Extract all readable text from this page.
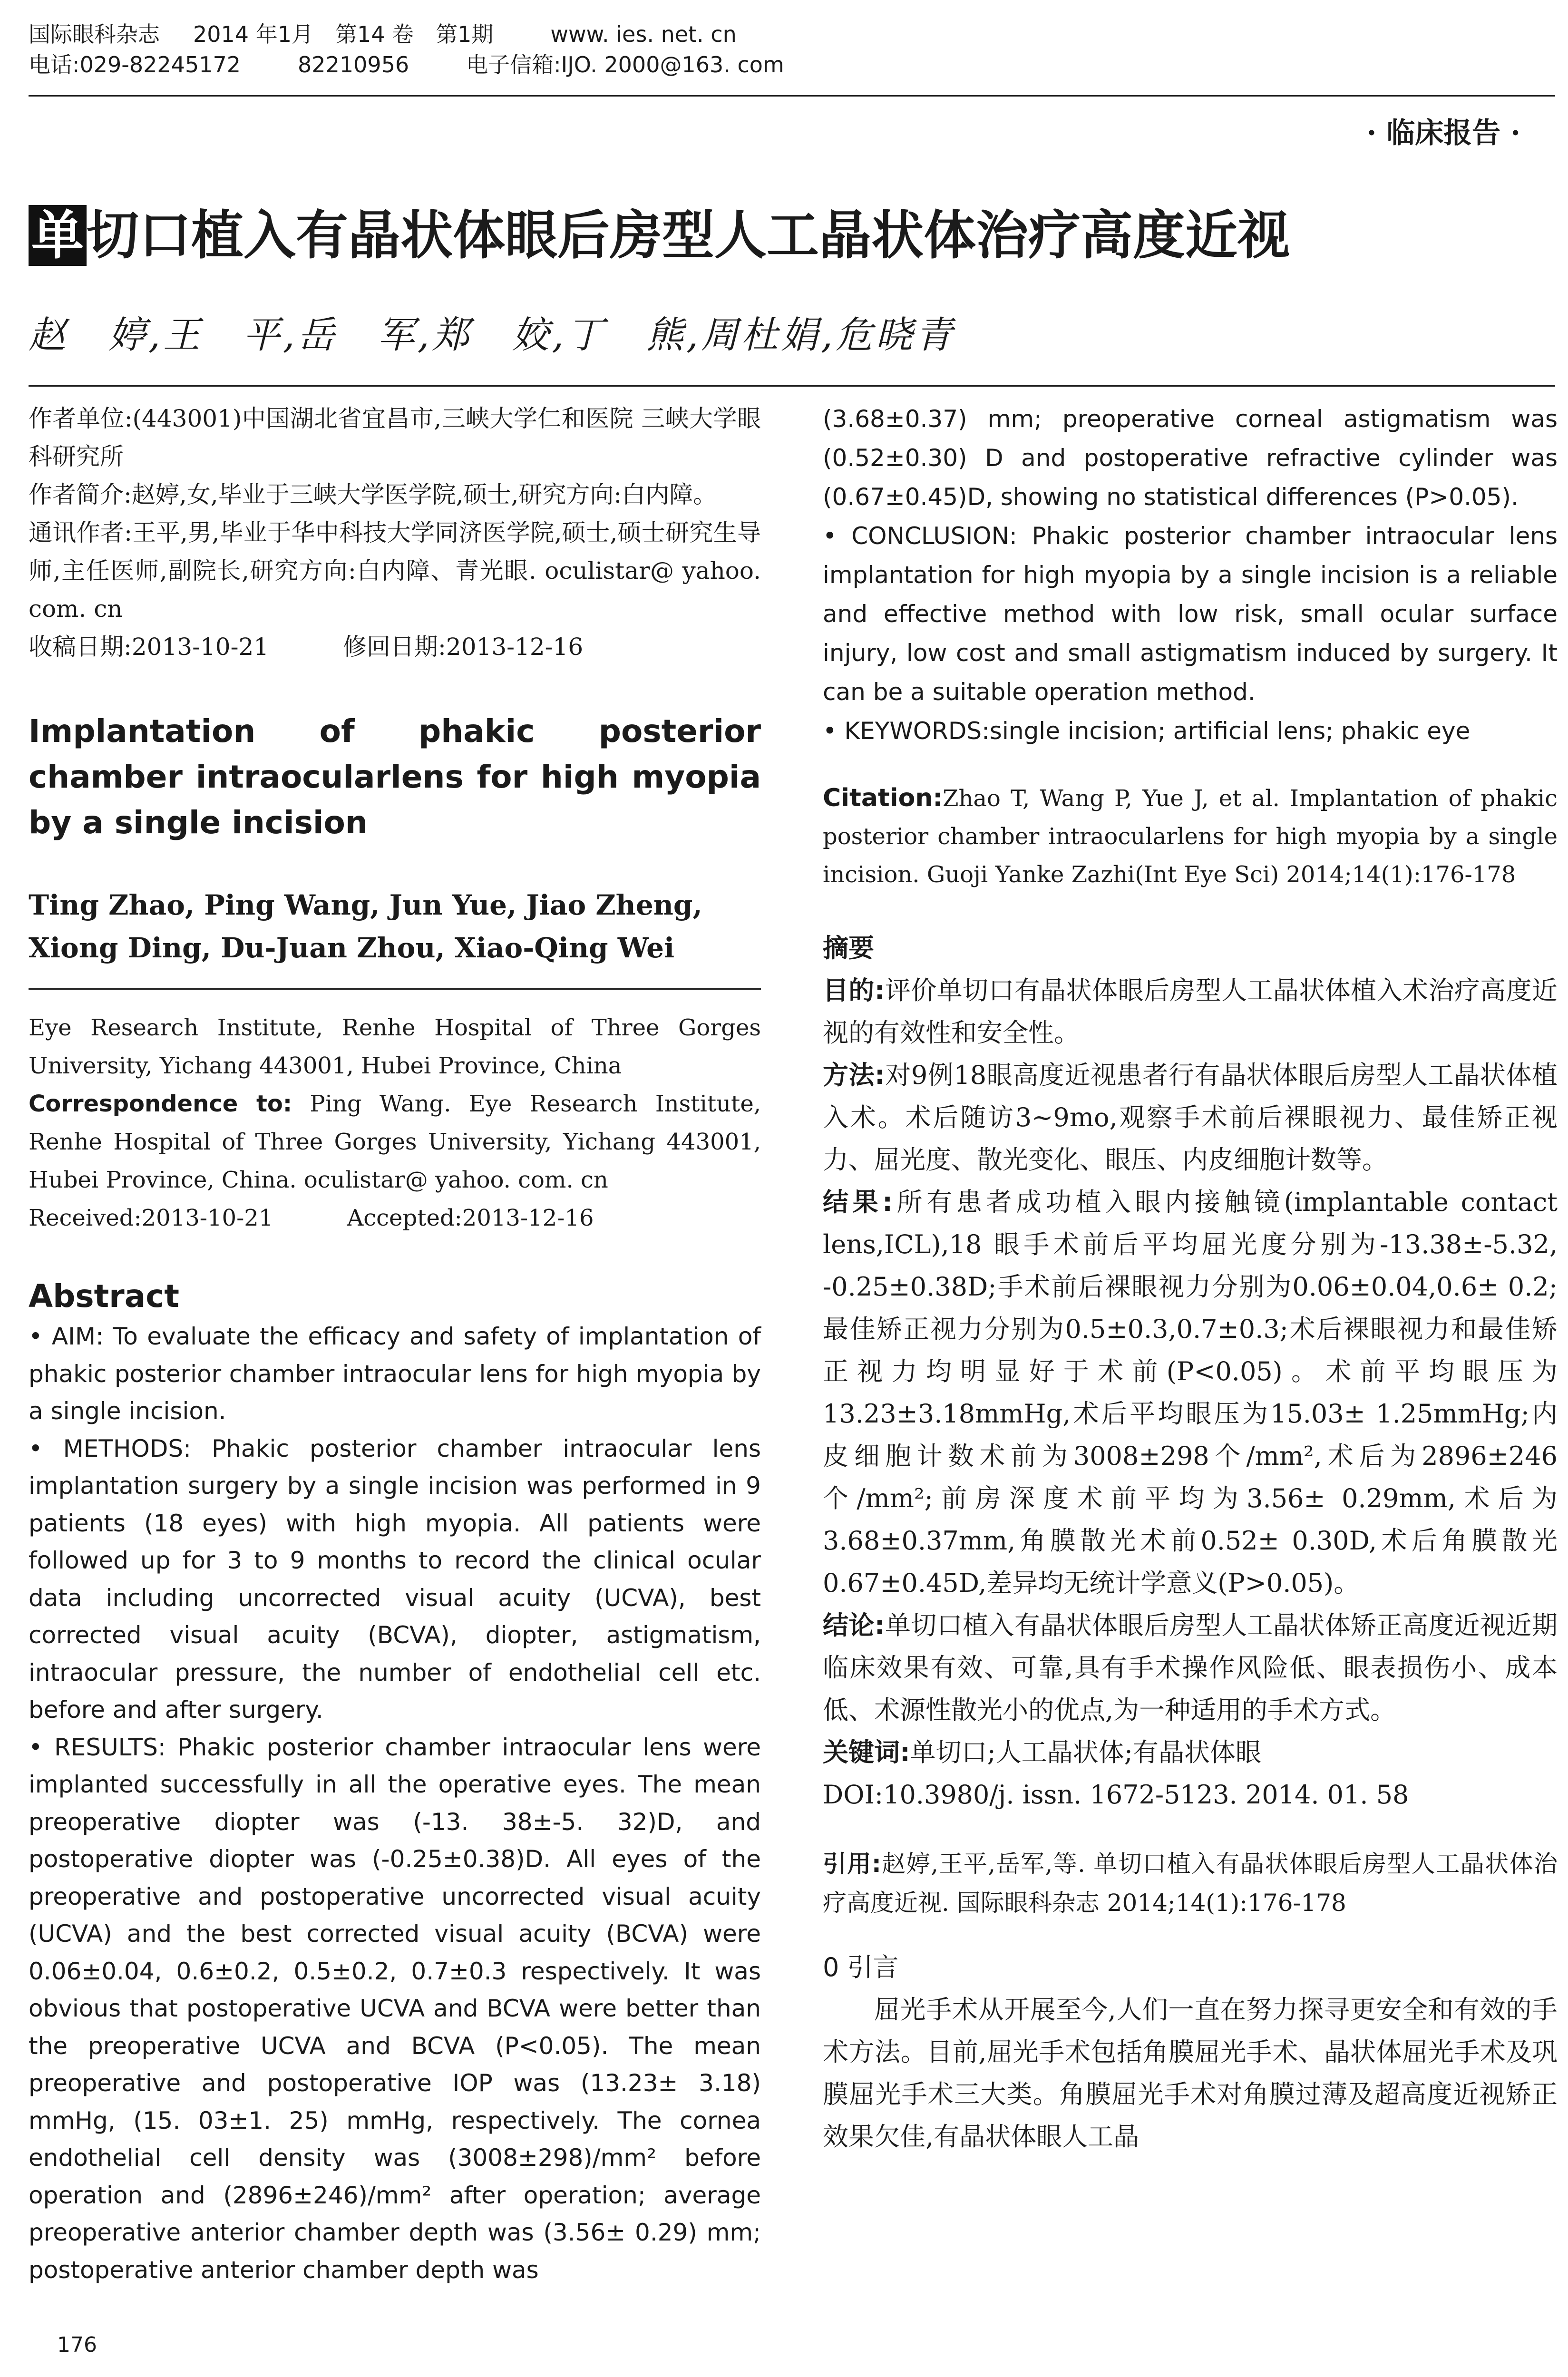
国际眼科杂志 2014 年1月　第14 卷　第1期	www. ies. net. cn
电话:029-82245172	82210956	电子信箱:IJO. 2000@163. com
· 临床报告 ·
单切口植入有晶状体眼后房型人工晶状体治疗高度近视
赵　婷,王　平,岳　军,郑　姣,丁　熊,周杜娟,危晓青

作者单位:(443001)中国湖北省宜昌市,三峡大学仁和医院 三峡大学眼科研究所

作者简介:赵婷,女,毕业于三峡大学医学院,硕士,研究方向:白内障。

通讯作者:王平,男,毕业于华中科技大学同济医学院,硕士,硕士研究生导师,主任医师,副院长,研究方向:白内障、青光眼. oculistar@ yahoo. com. cn

收稿日期:2013-10-21	修回日期:2013-12-16

Implantation of phakic posterior chamber intraocularlens for high myopia by a single incision

Ting Zhao, Ping Wang, Jun Yue, Jiao Zheng, Xiong Ding, Du-Juan Zhou, Xiao-Qing Wei

Eye Research Institute, Renhe Hospital of Three Gorges University, Yichang 443001, Hubei Province, China

Correspondence to: Ping Wang. Eye Research Institute, Renhe Hospital of Three Gorges University, Yichang 443001, Hubei Province, China. oculistar@ yahoo. com. cn

Received:2013-10-21	Accepted:2013-12-16

Abstract

• AIM: To evaluate the efficacy and safety of implantation of phakic posterior chamber intraocular lens for high myopia by a single incision.

• METHODS: Phakic posterior chamber intraocular lens implantation surgery by a single incision was performed in 9 patients (18 eyes) with high myopia. All patients were followed up for 3 to 9 months to record the clinical ocular data including uncorrected visual acuity (UCVA), best corrected visual acuity (BCVA), diopter, astigmatism, intraocular pressure, the number of endothelial cell etc. before and after surgery.

• RESULTS: Phakic posterior chamber intraocular lens were implanted successfully in all the operative eyes. The mean preoperative diopter was (-13. 38±-5. 32)D, and postoperative diopter was (-0.25±0.38)D. All eyes of the preoperative and postoperative uncorrected visual acuity (UCVA) and the best corrected visual acuity (BCVA) were 0.06±0.04, 0.6±0.2, 0.5±0.2, 0.7±0.3 respectively. It was obvious that postoperative UCVA and BCVA were better than the preoperative UCVA and BCVA (P<0.05). The mean preoperative and postoperative IOP was (13.23± 3.18) mmHg, (15. 03±1. 25) mmHg, respectively. The cornea endothelial cell density was (3008±298)/mm² before operation and (2896±246)/mm² after operation; average preoperative anterior chamber depth was (3.56± 0.29) mm; postoperative anterior chamber depth was

(3.68±0.37) mm; preoperative corneal astigmatism was (0.52±0.30) D and postoperative refractive cylinder was (0.67±0.45)D, showing no statistical differences (P>0.05).

• CONCLUSION: Phakic posterior chamber intraocular lens implantation for high myopia by a single incision is a reliable and effective method with low risk, small ocular surface injury, low cost and small astigmatism induced by surgery. It can be a suitable operation method.

• KEYWORDS:single incision; artificial lens; phakic eye

Citation:Zhao T, Wang P, Yue J, et al. Implantation of phakic posterior chamber intraocularlens for high myopia by a single incision. Guoji Yanke Zazhi(Int Eye Sci) 2014;14(1):176-178

摘要

目的:评价单切口有晶状体眼后房型人工晶状体植入术治疗高度近视的有效性和安全性。

方法:对9例18眼高度近视患者行有晶状体眼后房型人工晶状体植入术。术后随访3~9mo,观察手术前后裸眼视力、最佳矫正视力、屈光度、散光变化、眼压、内皮细胞计数等。

结果:所有患者成功植入眼内接触镜(implantable contact lens,ICL),18 眼手术前后平均屈光度分别为-13.38±-5.32, -0.25±0.38D;手术前后裸眼视力分别为0.06±0.04,0.6± 0.2;最佳矫正视力分别为0.5±0.3,0.7±0.3;术后裸眼视力和最佳矫正视力均明显好于术前(P<0.05)。术前平均眼压为13.23±3.18mmHg,术后平均眼压为15.03± 1.25mmHg;内皮细胞计数术前为3008±298个/mm²,术后为2896±246个/mm²;前房深度术前平均为3.56± 0.29mm,术后为3.68±0.37mm,角膜散光术前0.52± 0.30D,术后角膜散光0.67±0.45D,差异均无统计学意义(P>0.05)。

结论:单切口植入有晶状体眼后房型人工晶状体矫正高度近视近期临床效果有效、可靠,具有手术操作风险低、眼表损伤小、成本低、术源性散光小的优点,为一种适用的手术方式。

关键词:单切口;人工晶状体;有晶状体眼

DOI:10.3980/j. issn. 1672-5123. 2014. 01. 58

引用:赵婷,王平,岳军,等. 单切口植入有晶状体眼后房型人工晶状体治疗高度近视. 国际眼科杂志 2014;14(1):176-178

0 引言

屈光手术从开展至今,人们一直在努力探寻更安全和有效的手术方法。目前,屈光手术包括角膜屈光手术、晶状体屈光手术及巩膜屈光手术三大类。角膜屈光手术对角膜过薄及超高度近视矫正效果欠佳,有晶状体眼人工晶

176
